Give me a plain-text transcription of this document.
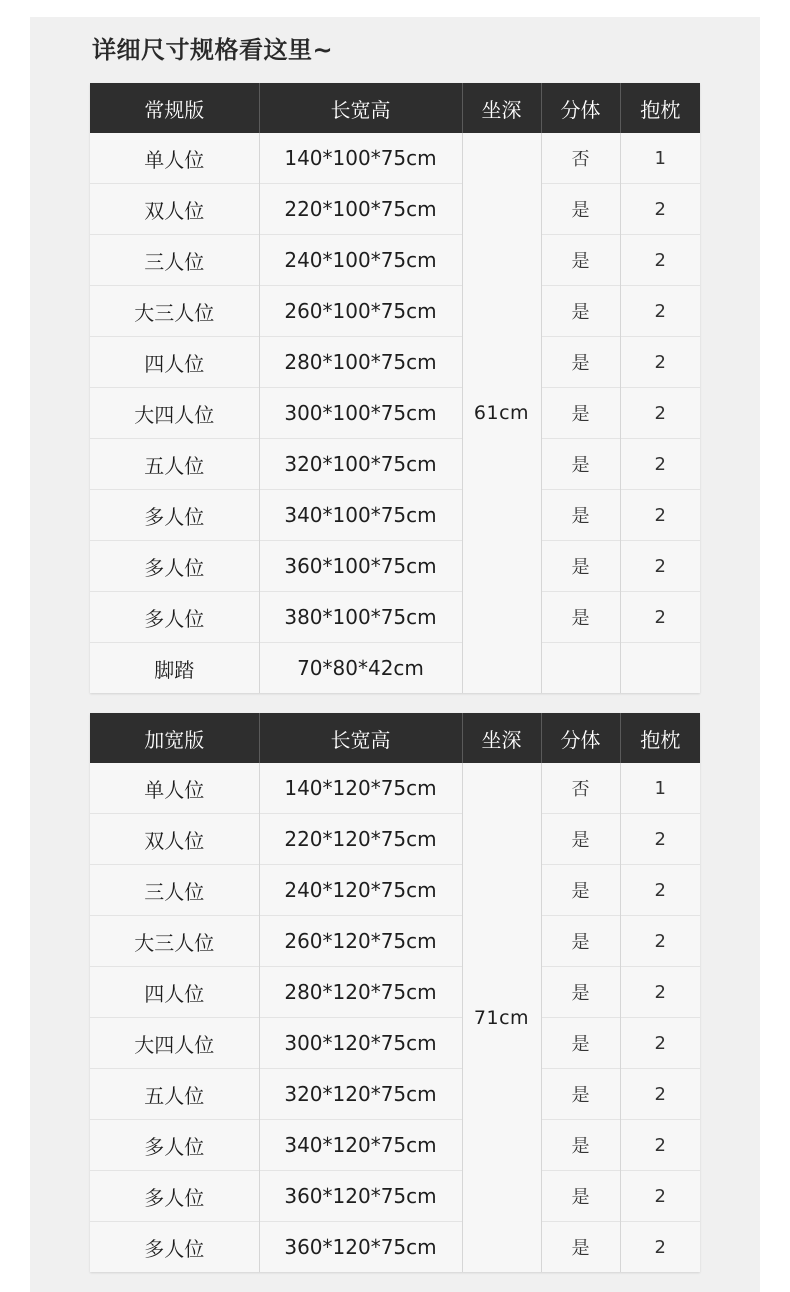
详细尺寸规格看这里~
常规版	长宽高	坐深	分体	抱枕
单人位	140*100*75cm	61cm	否	1
双人位	220*100*75cm		是	2
三人位	240*100*75cm		是	2
大三人位	260*100*75cm		是	2
四人位	280*100*75cm		是	2
大四人位	300*100*75cm		是	2
五人位	320*100*75cm		是	2
多人位	340*100*75cm		是	2
多人位	360*100*75cm		是	2
多人位	380*100*75cm		是	2
脚踏	70*80*42cm			
加宽版	长宽高	坐深	分体	抱枕
单人位	140*120*75cm	71cm	否	1
双人位	220*120*75cm		是	2
三人位	240*120*75cm		是	2
大三人位	260*120*75cm		是	2
四人位	280*120*75cm		是	2
大四人位	300*120*75cm		是	2
五人位	320*120*75cm		是	2
多人位	340*120*75cm		是	2
多人位	360*120*75cm		是	2
多人位	360*120*75cm		是	2
